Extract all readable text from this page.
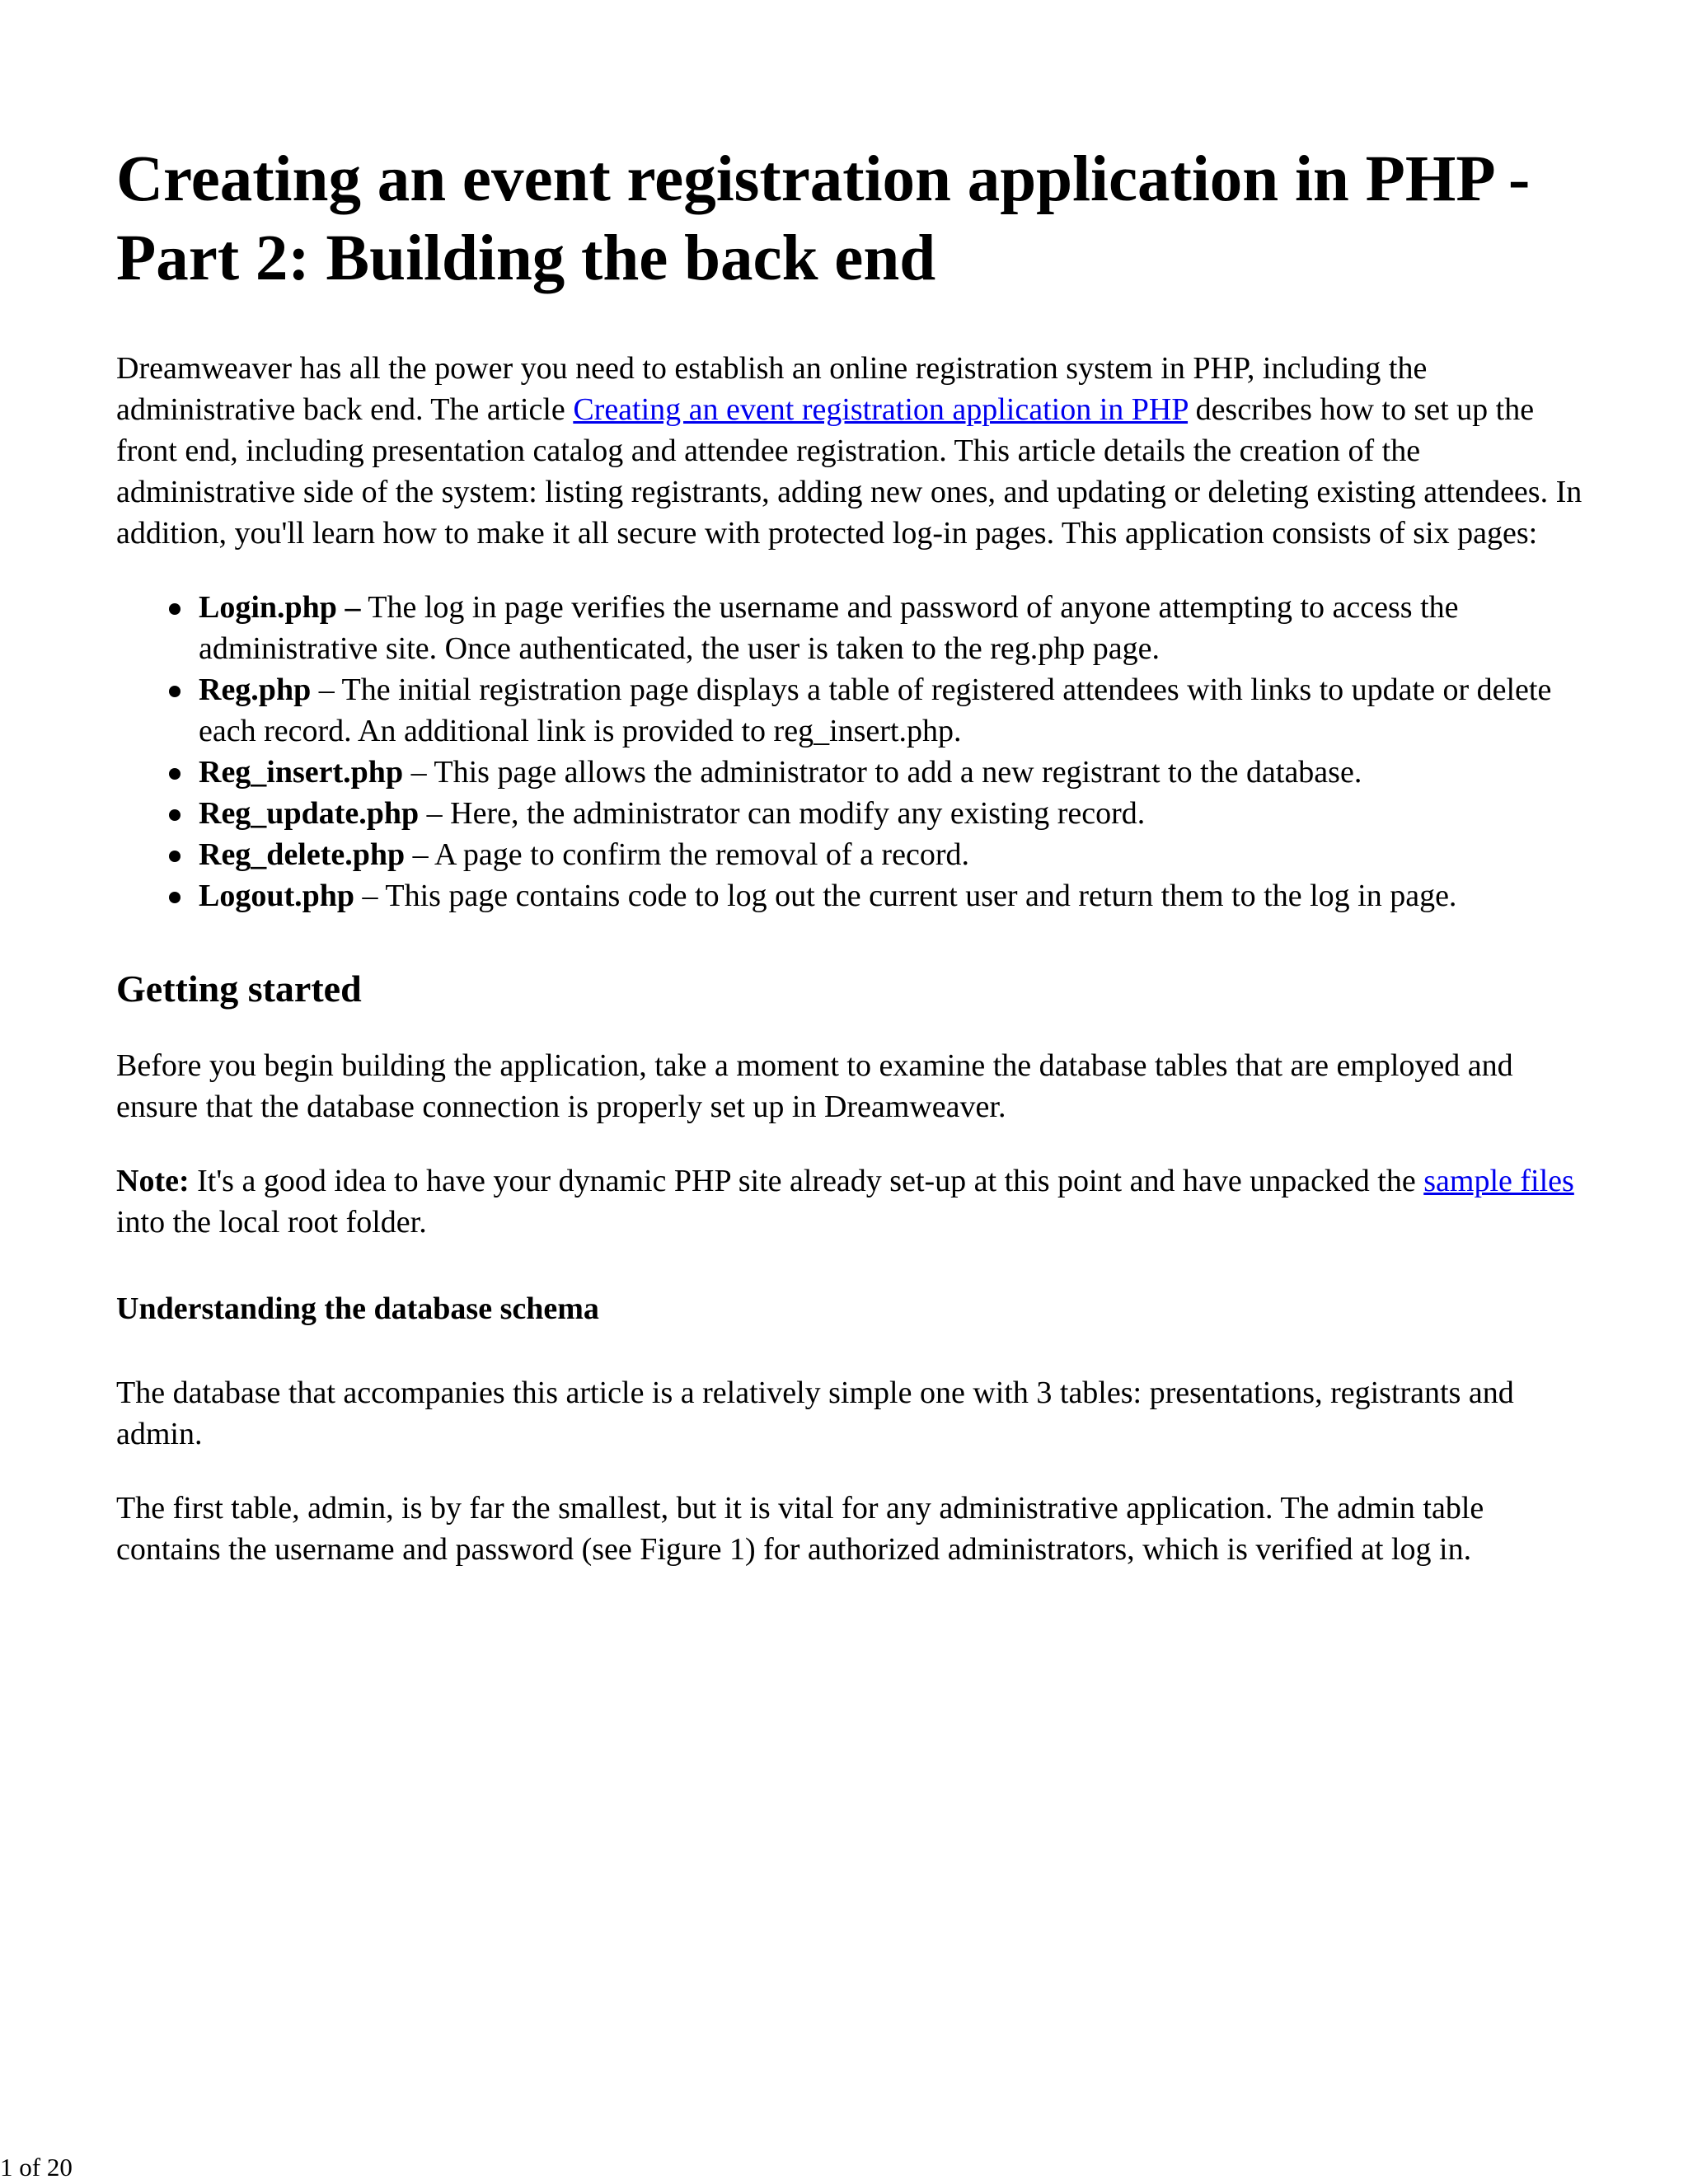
Creating an event registration application in PHP - Part 2: Building the back end

Dreamweaver has all the power you need to establish an online registration system in PHP, including the administrative back end. The article Creating an event registration application in PHP describes how to set up the front end, including presentation catalog and attendee registration. This article details the creation of the administrative side of the system: listing registrants, adding new ones, and updating or deleting existing attendees. In addition, you'll learn how to make it all secure with protected log-in pages. This application consists of six pages:

Login.php – The log in page verifies the username and password of anyone attempting to access the administrative site. Once authenticated, the user is taken to the reg.php page.
Reg.php – The initial registration page displays a table of registered attendees with links to update or delete each record. An additional link is provided to reg_insert.php.
Reg_insert.php – This page allows the administrator to add a new registrant to the database.
Reg_update.php – Here, the administrator can modify any existing record.
Reg_delete.php – A page to confirm the removal of a record.
Logout.php – This page contains code to log out the current user and return them to the log in page.
Getting started

Before you begin building the application, take a moment to examine the database tables that are employed and ensure that the database connection is properly set up in Dreamweaver.

Note: It's a good idea to have your dynamic PHP site already set-up at this point and have unpacked the sample files into the local root folder.

Understanding the database schema

The database that accompanies this article is a relatively simple one with 3 tables: presentations, registrants and admin.

The first table, admin, is by far the smallest, but it is vital for any administrative application. The admin table contains the username and password (see Figure 1) for authorized administrators, which is verified at log in.

1 of 20
